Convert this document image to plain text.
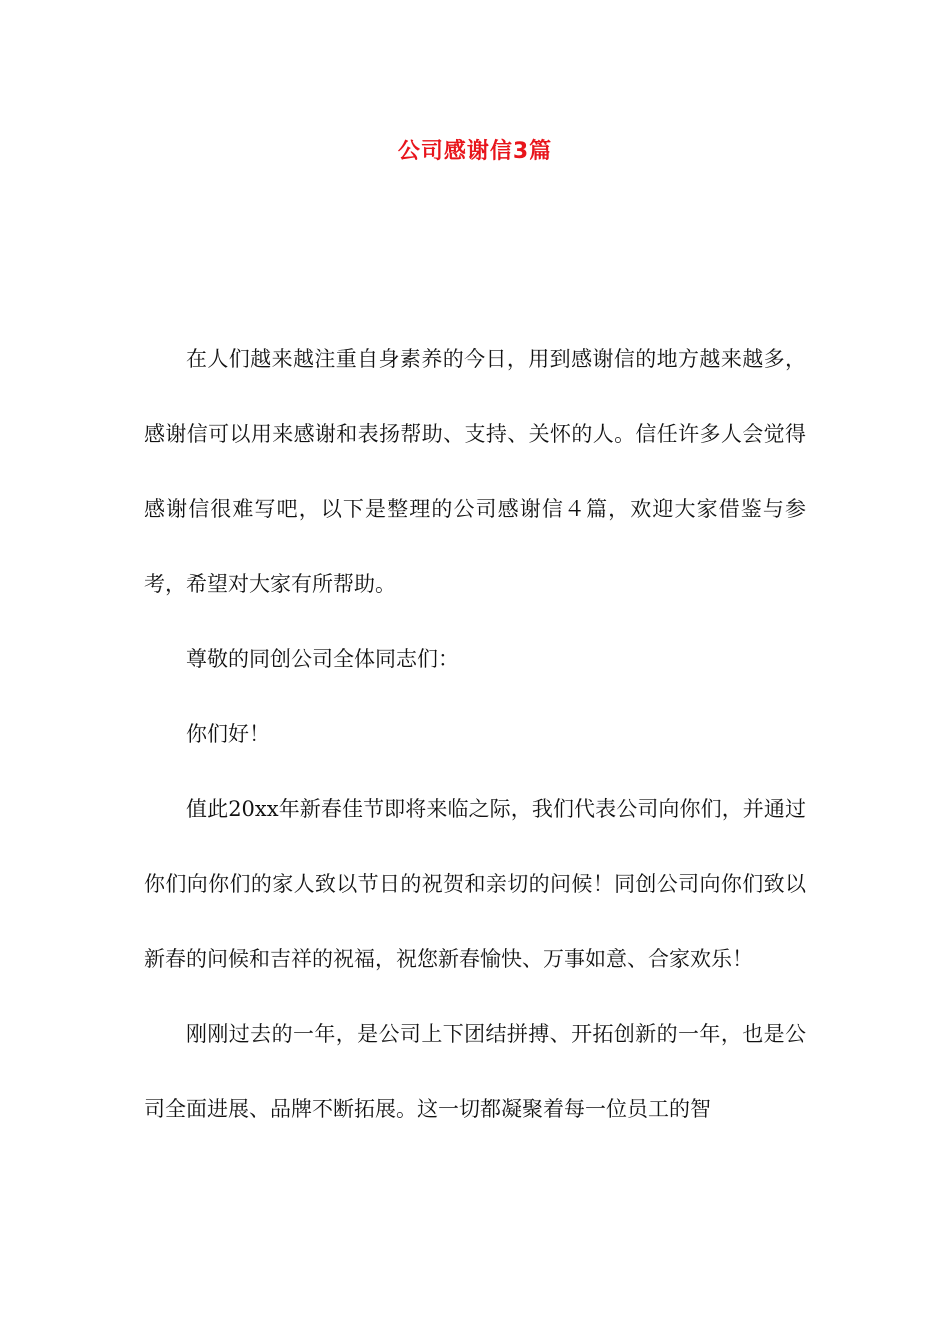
公司感谢信3篇

在人们越来越注重自身素养的今日，用到感谢信的地方越来越多，感谢信可以用来感谢和表扬帮助、支持、关怀的人。信任许多人会觉得感谢信很难写吧，以下是整理的公司感谢信４篇，欢迎大家借鉴与参考，希望对大家有所帮助。

尊敬的同创公司全体同志们：

你们好！

值此20xx年新春佳节即将来临之际，我们代表公司向你们，并通过你们向你们的家人致以节日的祝贺和亲切的问候！同创公司向你们致以新春的问候和吉祥的祝福，祝您新春愉快、万事如意、合家欢乐！

刚刚过去的一年，是公司上下团结拼搏、开拓创新的一年，也是公司全面进展、品牌不断拓展。这一切都凝聚着每一位员工的智
